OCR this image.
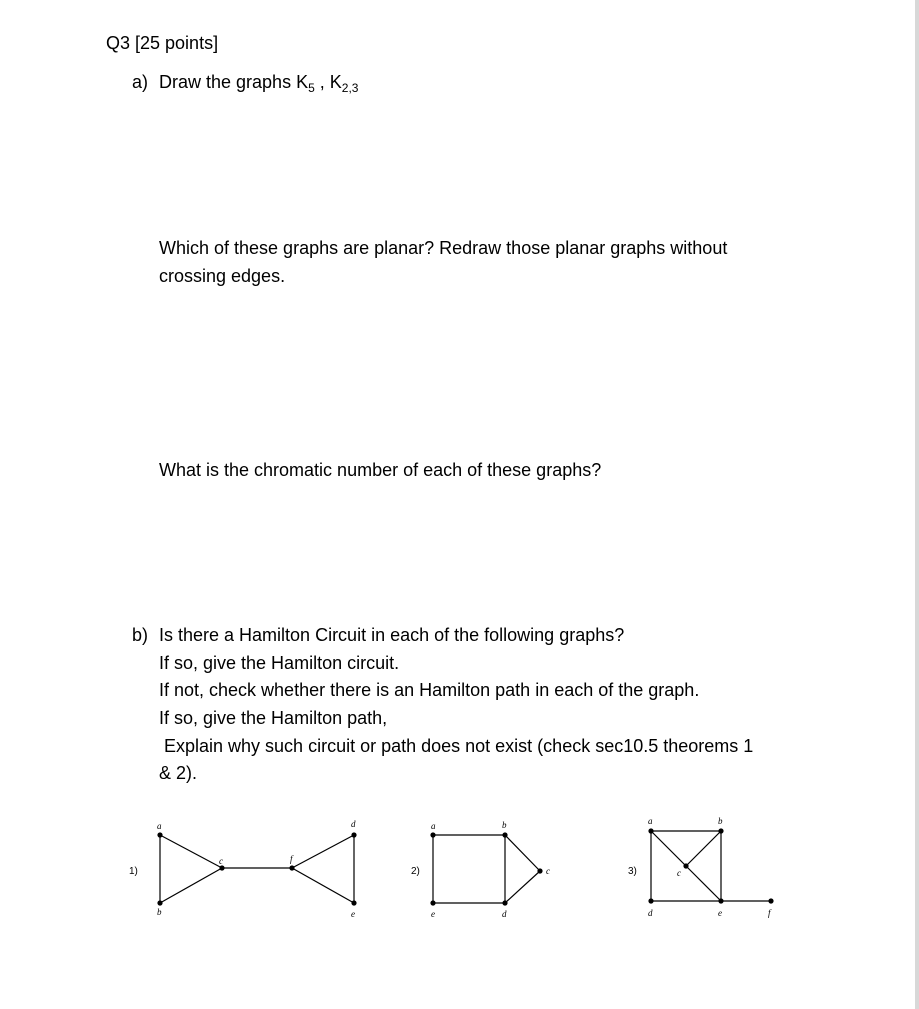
Q3 [25 points]
a) Draw the graphs $K_5$ , $K_{2,3}$
Which of these graphs are planar? Redraw those planar graphs without
crossing edges.
What is the chromatic number of each of these graphs?
b) Is there a Hamilton Circuit in each of the following graphs?
If so, give the Hamilton circuit.
If not, check whether there is an Hamilton path in each of the graph.
If so, give the Hamilton path,
Explain why such circuit or path does not exist (check sec10.5 theorems 1
& 2).
1)
a
b
c	f
d
e
2)
a	b
c
e	d
3)
a	b
c
d	e	f
